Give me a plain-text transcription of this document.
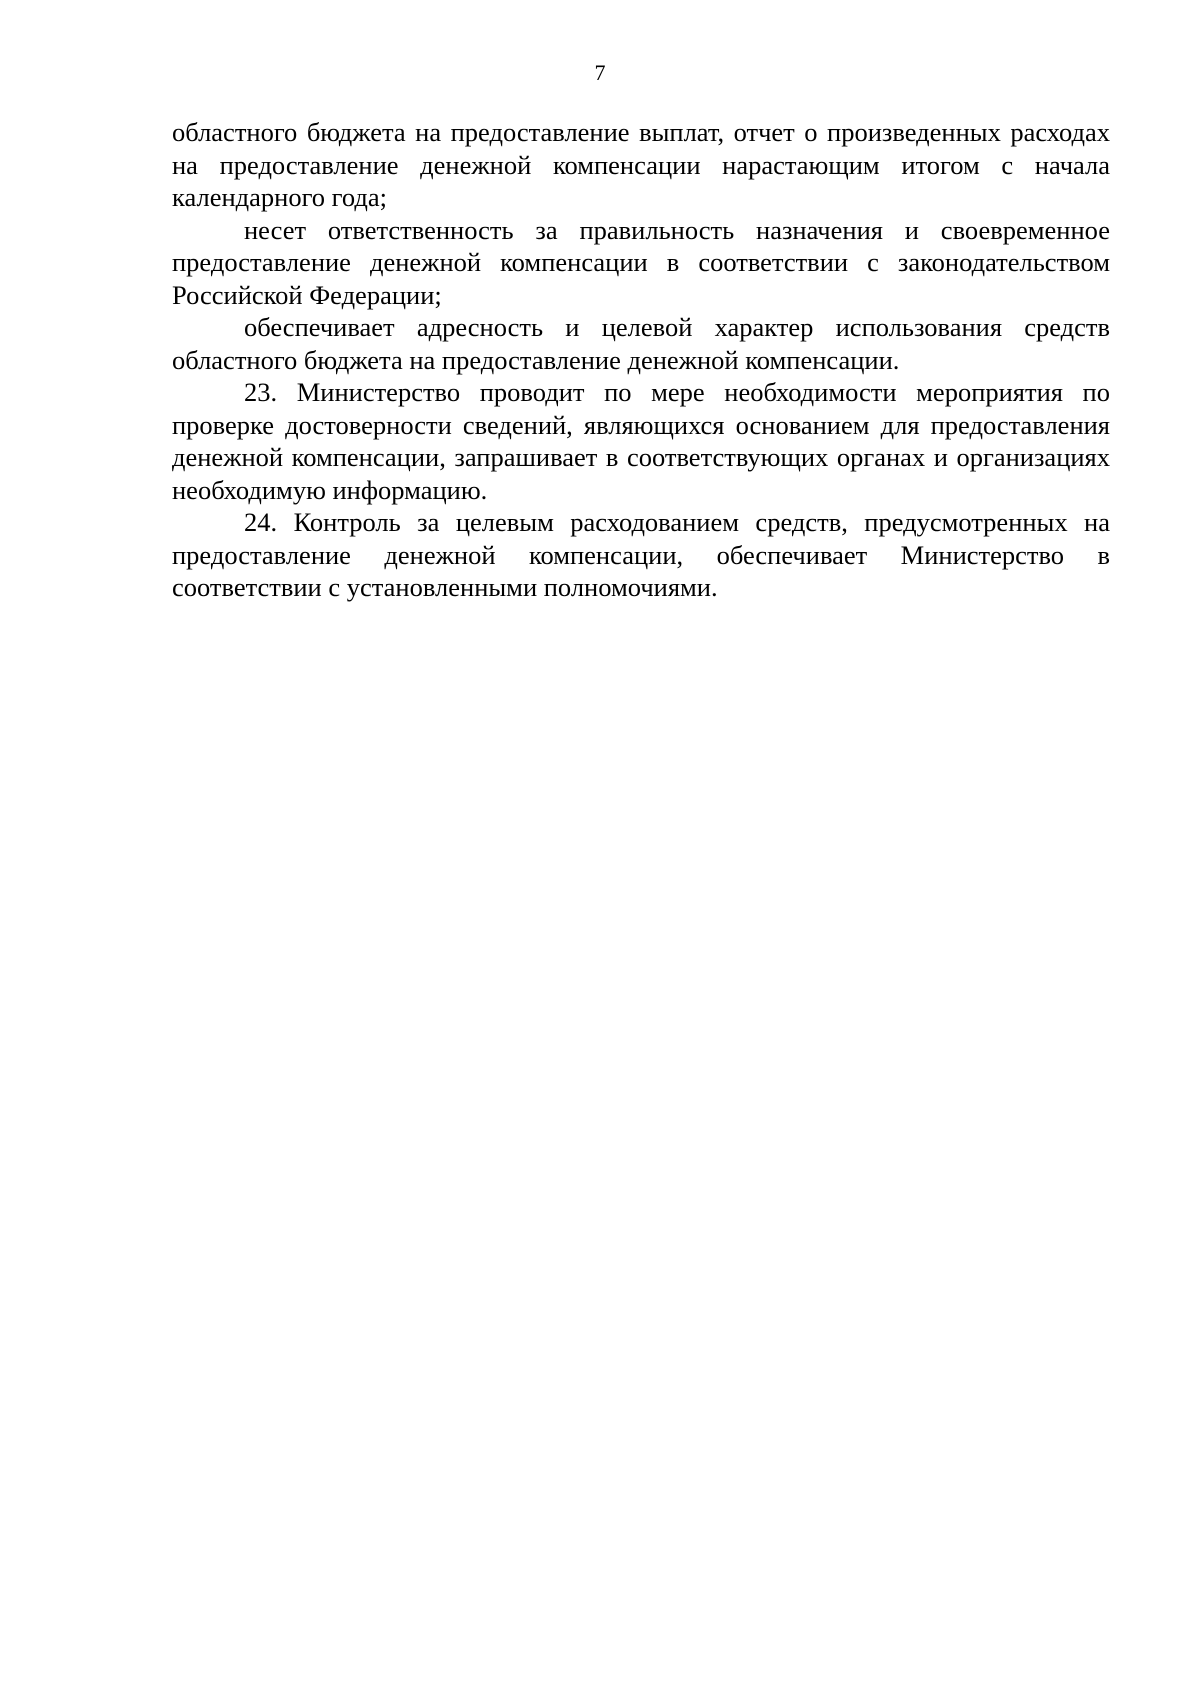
7

областного бюджета на предоставление выплат, отчет о произведенных расходах на предоставление денежной компенсации нарастающим итогом с начала календарного года;

несет ответственность за правильность назначения и своевременное предоставление денежной компенсации в соответствии с законодательством Российской Федерации;

обеспечивает адресность и целевой характер использования средств областного бюджета на предоставление денежной компенсации.

23. Министерство проводит по мере необходимости мероприятия по проверке достоверности сведений, являющихся основанием для предоставления денежной компенсации, запрашивает в соответствующих органах и организациях необходимую информацию.

24. Контроль за целевым расходованием средств, предусмотренных на предоставление денежной компенсации, обеспечивает Министерство в соответствии с установленными полномочиями.
